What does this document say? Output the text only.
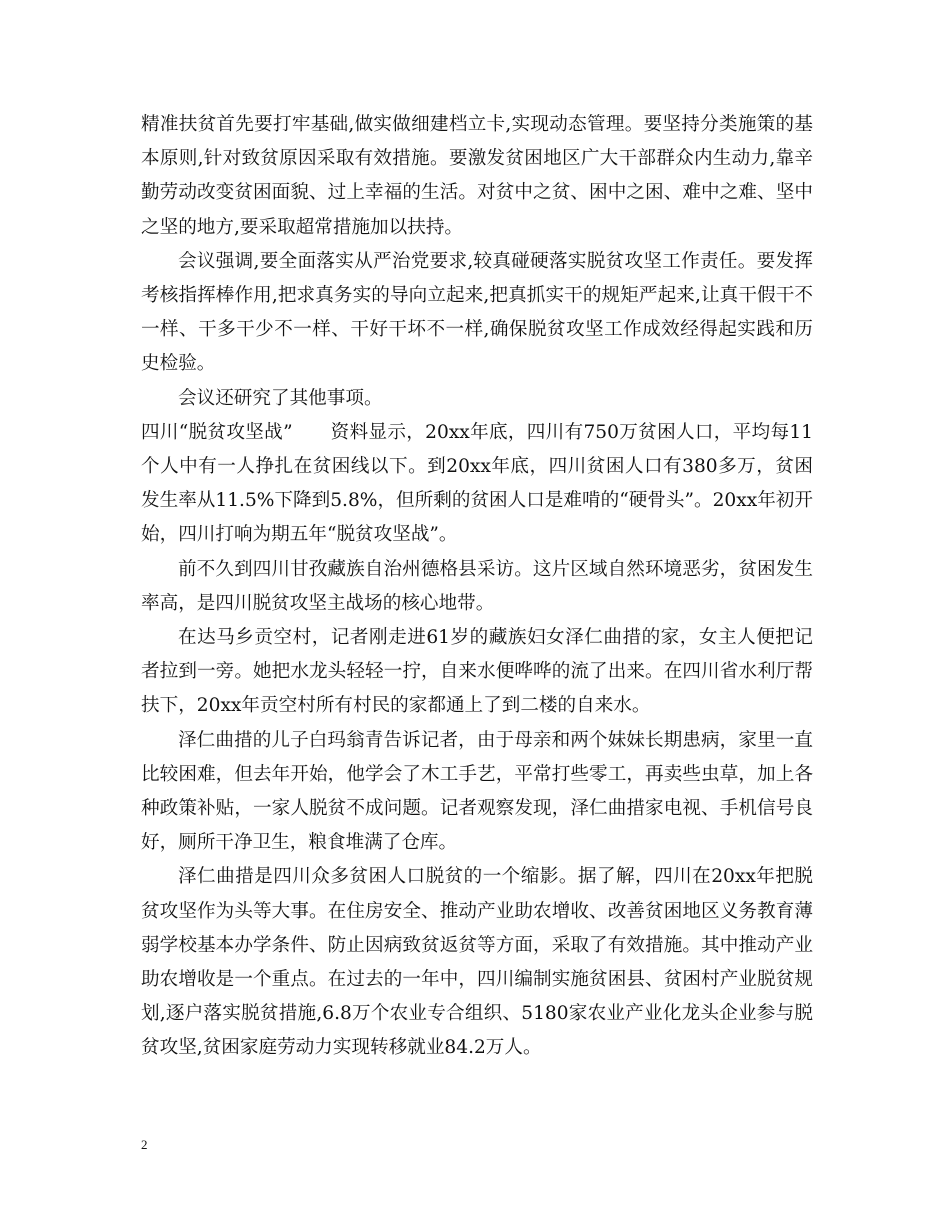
精准扶贫首先要打牢基础,做实做细建档立卡,实现动态管理。要坚持分类施策的基本原则,针对致贫原因采取有效措施。要激发贫困地区广大干部群众内生动力,靠辛勤劳动改变贫困面貌、过上幸福的生活。对贫中之贫、困中之困、难中之难、坚中之坚的地方,要采取超常措施加以扶持。

会议强调,要全面落实从严治党要求,较真碰硬落实脱贫攻坚工作责任。要发挥考核指挥棒作用,把求真务实的导向立起来,把真抓实干的规矩严起来,让真干假干不一样、干多干少不一样、干好干坏不一样,确保脱贫攻坚工作成效经得起实践和历史检验。

会议还研究了其他事项。

四川“脱贫攻坚战”　　资料显示，20xx年底，四川有750万贫困人口，平均每11个人中有一人挣扎在贫困线以下。到20xx年底，四川贫困人口有380多万，贫困发生率从11.5%下降到5.8%，但所剩的贫困人口是难啃的“硬骨头”。20xx年初开始，四川打响为期五年“脱贫攻坚战”。

前不久到四川甘孜藏族自治州德格县采访。这片区域自然环境恶劣，贫困发生率高，是四川脱贫攻坚主战场的核心地带。

在达马乡贡空村，记者刚走进61岁的藏族妇女泽仁曲措的家，女主人便把记者拉到一旁。她把水龙头轻轻一拧，自来水便哗哗的流了出来。在四川省水利厅帮扶下，20xx年贡空村所有村民的家都通上了到二楼的自来水。

泽仁曲措的儿子白玛翁青告诉记者，由于母亲和两个妹妹长期患病，家里一直比较困难，但去年开始，他学会了木工手艺，平常打些零工，再卖些虫草，加上各种政策补贴，一家人脱贫不成问题。记者观察发现，泽仁曲措家电视、手机信号良好，厕所干净卫生，粮食堆满了仓库。

泽仁曲措是四川众多贫困人口脱贫的一个缩影。据了解，四川在20xx年把脱贫攻坚作为头等大事。在住房安全、推动产业助农增收、改善贫困地区义务教育薄弱学校基本办学条件、防止因病致贫返贫等方面，采取了有效措施。其中推动产业助农增收是一个重点。在过去的一年中，四川编制实施贫困县、贫困村产业脱贫规划,逐户落实脱贫措施,6.8万个农业专合组织、5180家农业产业化龙头企业参与脱贫攻坚,贫困家庭劳动力实现转移就业84.2万人。

2
